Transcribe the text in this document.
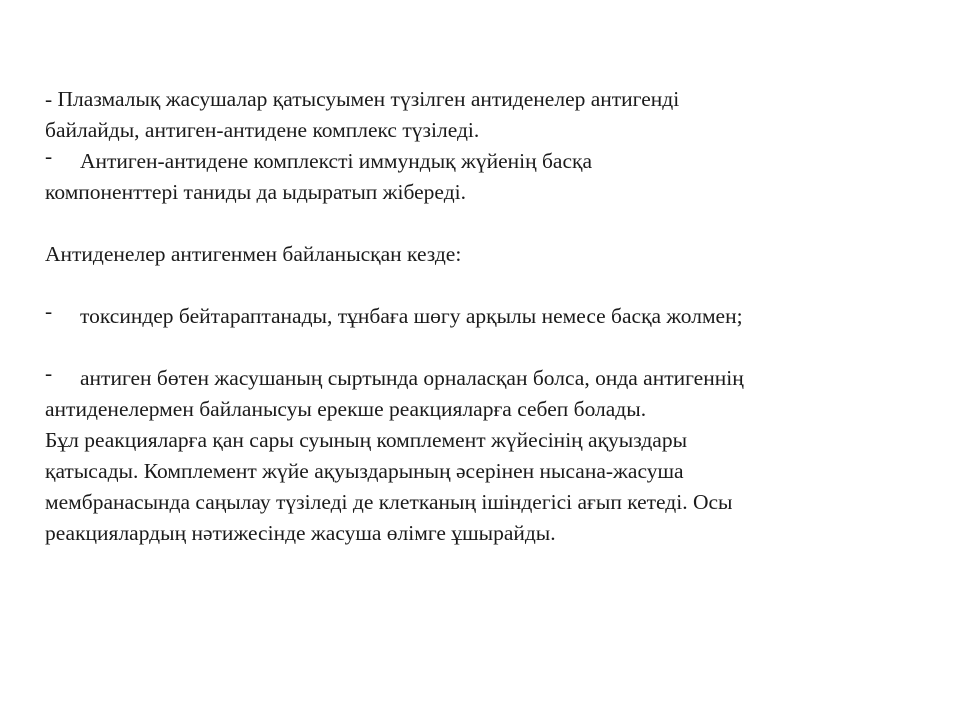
- Плазмалық жасушалар қатысуымен түзілген антиденелер антигенді
байлайды, антиген-антидене комплекс түзіледі.
- Антиген-антидене комплексті иммундық жүйенің басқа
компоненттері таниды да ыдыратып жібереді.
Антиденелер антигенмен байланысқан кезде:
- токсиндер бейтараптанады, тұнбаға шөгу арқылы немесе басқа жолмен;
- антиген бөтен жасушаның сыртында орналасқан болса, онда антигеннің
антиденелермен байланысуы ерекше реакцияларға себеп болады.
Бұл реакцияларға қан сары суының комплемент жүйесінің ақуыздары
қатысады. Комплемент жүйе ақуыздарының әсерінен нысана-жасуша
мембранасында саңылау түзіледі де клетканың ішіндегісі ағып кетеді. Осы
реакциялардың нәтижесінде жасуша өлімге ұшырайды.
